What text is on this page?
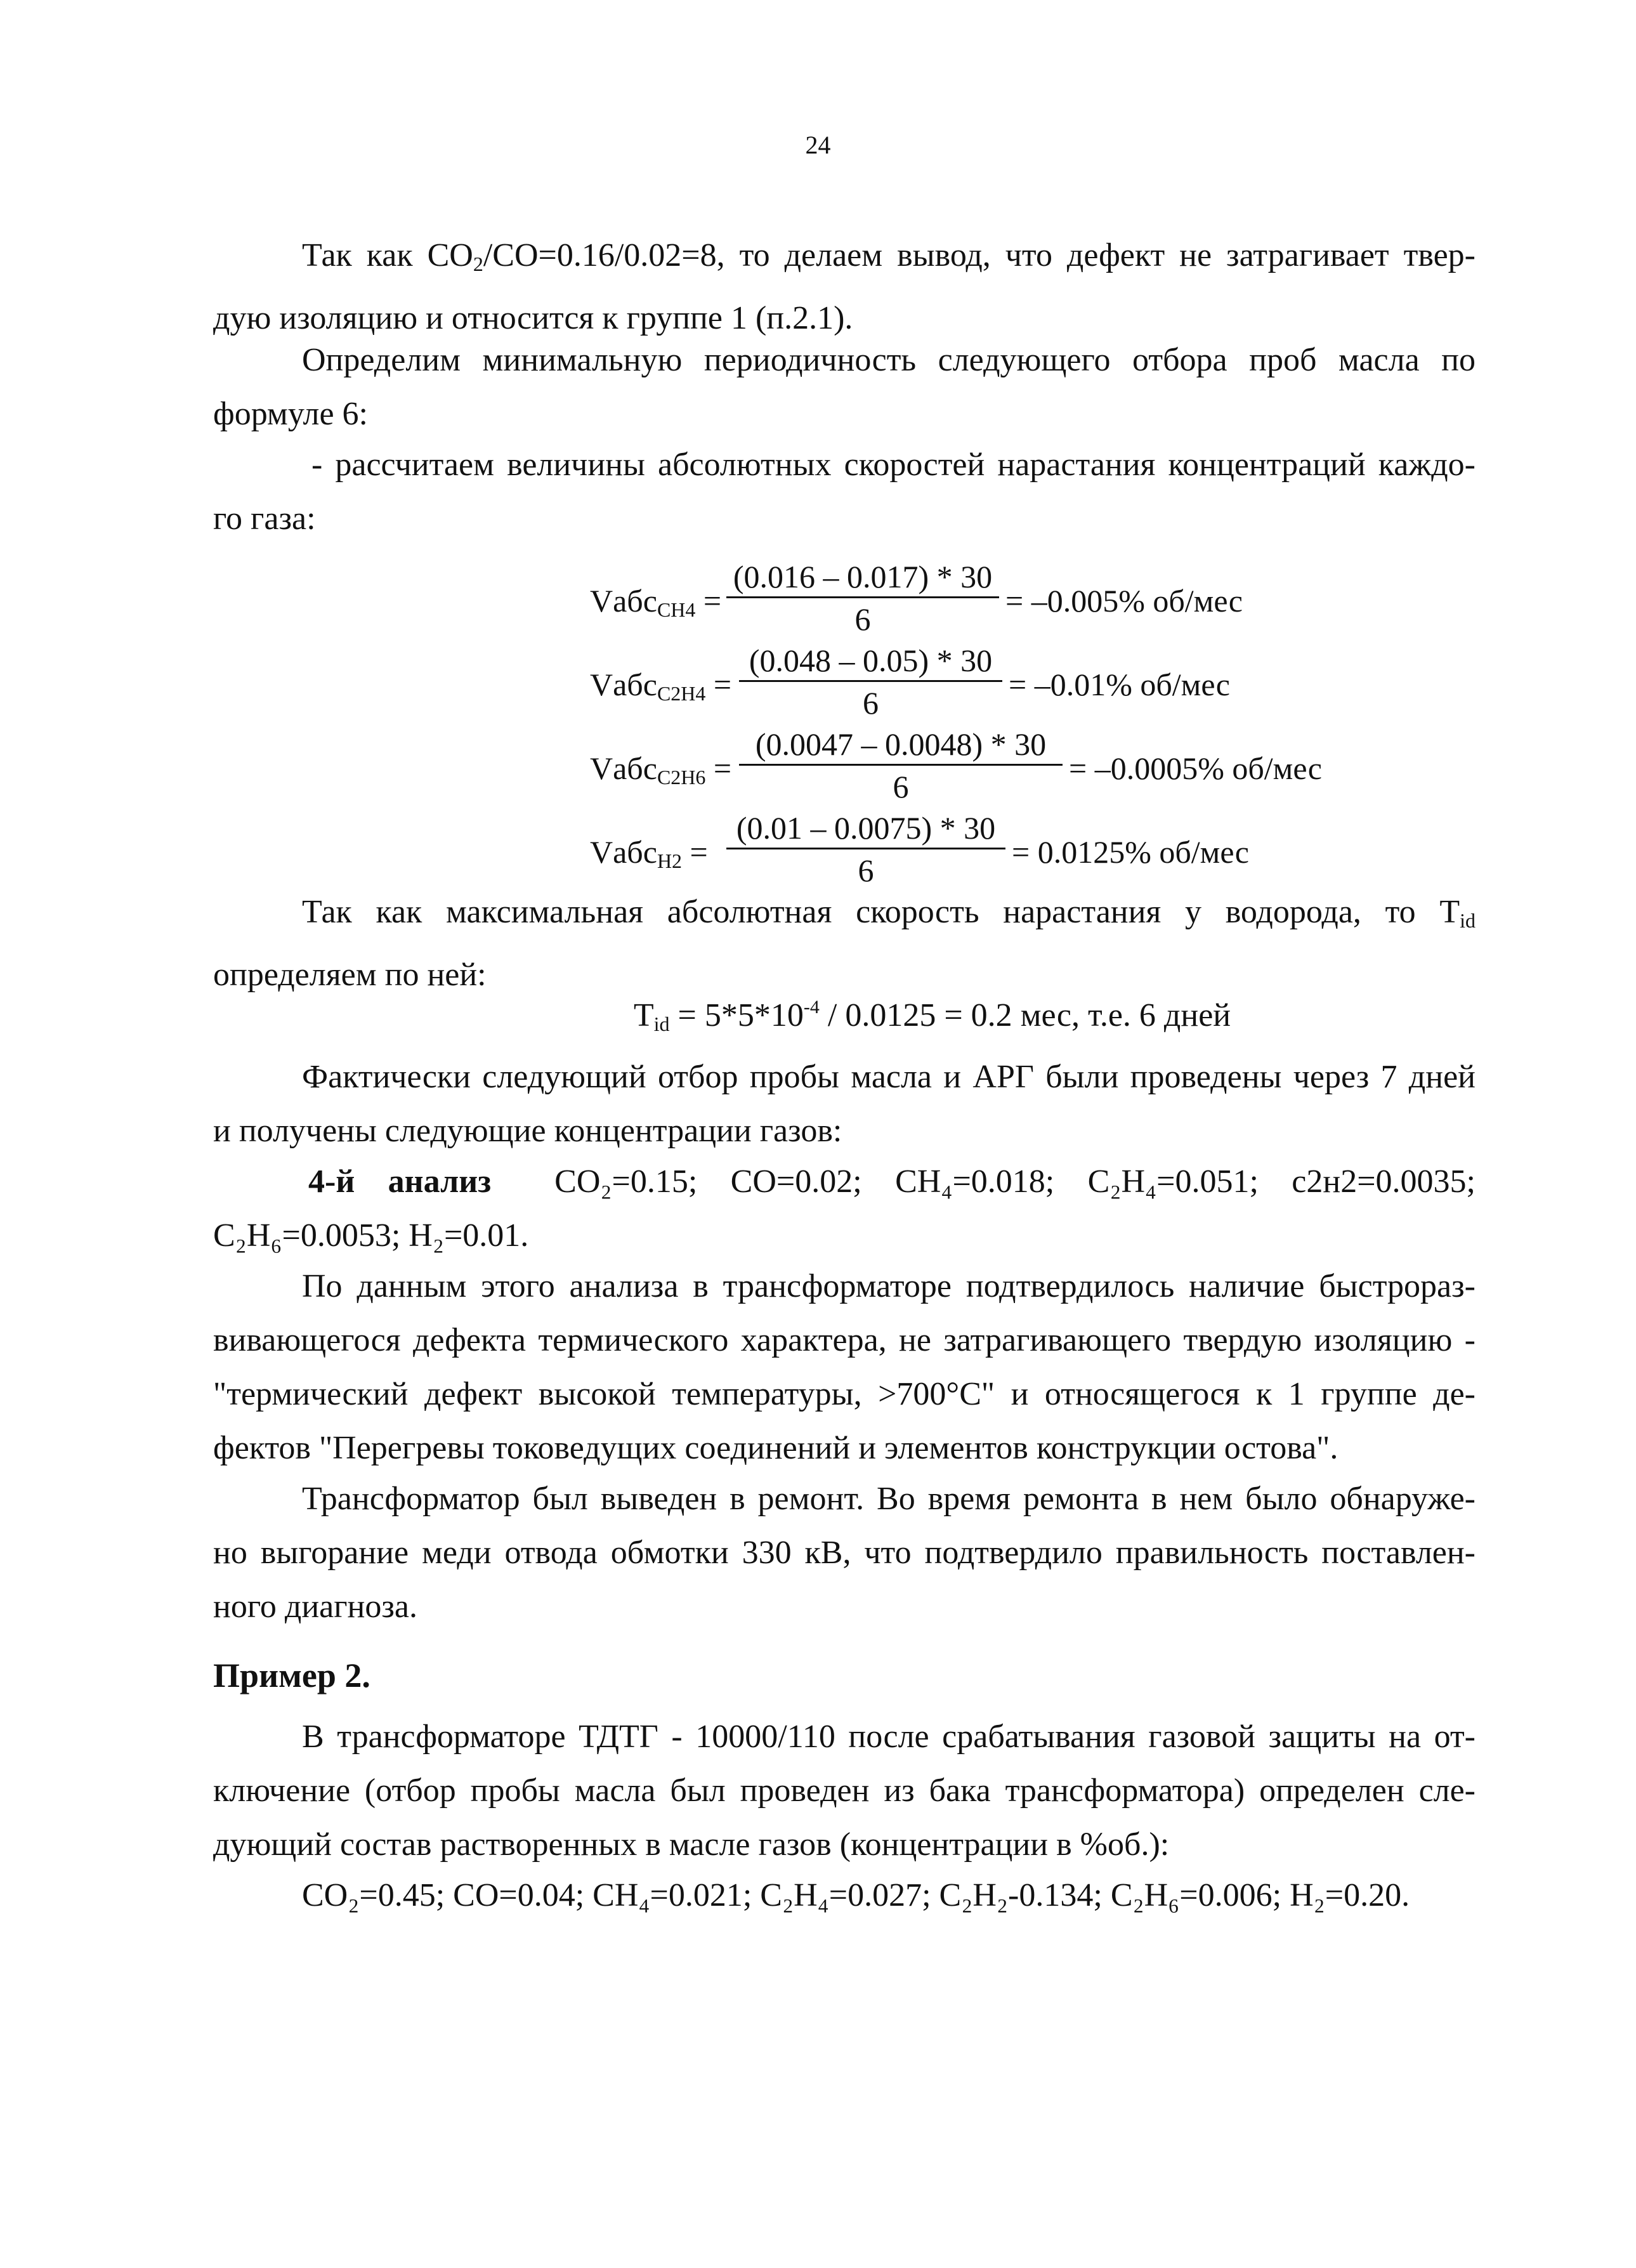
24
Так как CO2/CO=0.16/0.02=8, то делаем вывод, что дефект не затрагивает твер-
дую изоляцию и относится к группе 1 (п.2.1).
Определим минимальную периодичность следующего отбора проб масла по
формуле 6:
- рассчитаем величины абсолютных скоростей нарастания концентраций каждо-
го газа:
VабсCH4 =
(0.016 – 0.017) * 30
6
= –0.005% об/мес
VабсC2H4 =
(0.048 – 0.05) * 30
6
= –0.01% об/мес
VабсC2H6 =
(0.0047 – 0.0048) * 30
6
= –0.0005% об/мес
VабсH2 =
(0.01 – 0.0075) * 30
6
= 0.0125% об/мес
Так как максимальная абсолютная скорость нарастания у водорода, то Tid
определяем по ней:
Tid = $5*5*10^{-4} / 0.0125 = 0.2$ мес, т.е. 6 дней
Фактически следующий отбор пробы масла и АРГ были проведены через 7 дней
и получены следующие концентрации газов:
4-й анализ CO₂=0.15; CO=0.02; CH₄=0.018; C₂H₄=0.051; с2н2=0.0035;
C₂H₆=0.0053; H₂=0.01.
По данным этого анализа в трансформаторе подтвердилось наличие быстрораз-
вивающегося дефекта термического характера, не затрагивающего твердую изоляцию -
"термический дефект высокой температуры, >700°С" и относящегося к 1 группе де-
фектов "Перегревы токоведущих соединений и элементов конструкции остова".
Трансформатор был выведен в ремонт. Во время ремонта в нем было обнаруже-
но выгорание меди отвода обмотки 330 кВ, что подтвердило правильность поставлен-
ного диагноза.
Пример 2.
В трансформаторе ТДТГ - 10000/110 после срабатывания газовой защиты на от-
ключение (отбор пробы масла был проведен из бака трансформатора) определен сле-
дующий состав растворенных в масле газов (концентрации в %об.):
CO₂=0.45; CO=0.04; CH₄=0.021; C₂H₄=0.027; C₂H₂-0.134; C₂H₆=0.006; H₂=0.20.
